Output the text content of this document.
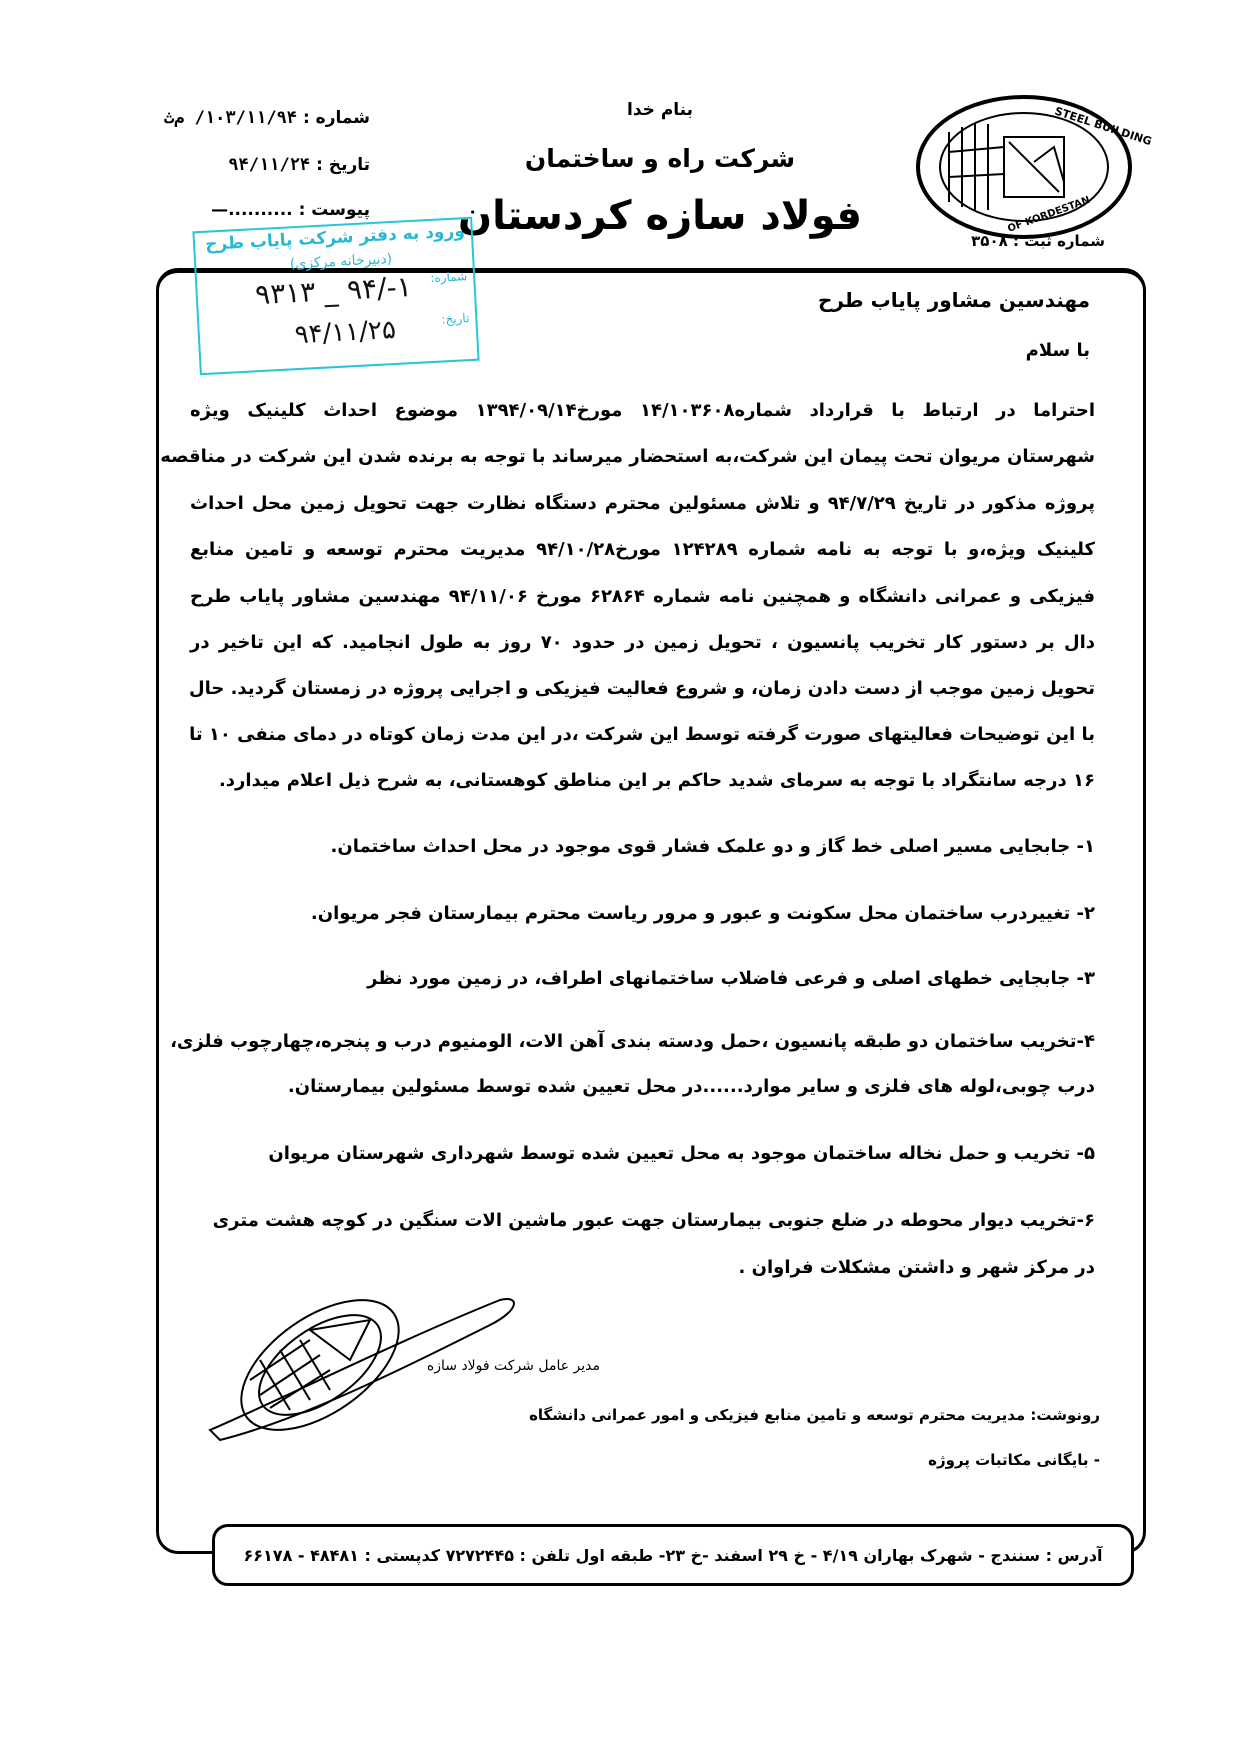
بنام خدا
شرکت راه و ساختمان
فولاد سازه کردستان
STEEL BUILDING
OF KORDESTAN
شماره ثبت : ۳۵۰۸
شماره : ۱۰۳/۱۱/۹۴/ م‌ث
تاریخ : ۹۴/۱۱/۲۴
پیوست : ..........—
ورود به دفتر شرکت پایاب طرح
(دبیرخانه مرکزی)
شماره:
۱-/۹۴ _ ۹۳۱۳
تاریخ:
۹۴/۱۱/۲۵
مهندسین مشاور پایاب طرح
با سلام
احتراما در ارتباط با قرارداد شماره۱۴/۱۰۳۶۰۸ مورخ۱۳۹۴/۰۹/۱۴ موضوع احداث کلینیک ویژه
شهرستان مریوان تحت پیمان این شرکت،به استحضار میرساند با توجه به برنده شدن این شرکت در مناقصه
پروژه مذکور در تاریخ ۹۴/۷/۲۹ و تلاش مسئولین محترم دستگاه نظارت جهت تحویل زمین محل احداث
کلینیک ویژه،و با توجه به نامه شماره ۱۲۴۲۸۹ مورخ۹۴/۱۰/۲۸ مدیریت محترم توسعه و تامین منابع
فیزیکی و عمرانی دانشگاه و همچنین نامه شماره ۶۲۸۶۴ مورخ ۹۴/۱۱/۰۶ مهندسین مشاور پایاب طرح
دال بر دستور کار تخریب پانسیون ، تحویل زمین در حدود ۷۰ روز به طول انجامید. که این تاخیر در
تحویل زمین موجب از دست دادن زمان، و شروع فعالیت فیزیکی و اجرایی پروژه در زمستان گردید. حال
با این توضیحات فعالیتهای صورت گرفته توسط این شرکت ،در این مدت زمان کوتاه در دمای منفی ۱۰ تا
۱۶ درجه سانتگراد با توجه به سرمای شدید حاکم بر این مناطق کوهستانی، به شرح ذیل اعلام میدارد.
۱- جابجایی مسیر اصلی خط گاز و دو علمک فشار قوی موجود در محل احداث ساختمان.
۲- تغییردرب ساختمان محل سکونت و عبور و مرور ریاست محترم بیمارستان فجر مریوان.
۳- جابجایی خطهای اصلی و فرعی فاضلاب ساختمانهای اطراف، در زمین مورد نظر
۴-تخریب ساختمان دو طبقه پانسیون ،حمل ودسته بندی آهن الات، الومنیوم درب و پنجره،چهارچوب فلزی،
درب چوبی،لوله های فلزی و سایر موارد......در محل تعیین شده توسط مسئولین بیمارستان.
۵- تخریب و حمل نخاله ساختمان موجود به محل تعیین شده توسط شهرداری شهرستان مریوان
۶-تخریب دیوار محوطه در ضلع جنوبی بیمارستان جهت عبور ماشین الات سنگین در کوچه هشت متری
در مرکز شهر و داشتن مشکلات فراوان .
مدیر عامل شرکت فولاد سازه
رونوشت: مدیریت محترم توسعه و تامین منابع فیزیکی و امور عمرانی دانشگاه
- بایگانی مکاتبات پروژه
آدرس : سنندج - شهرک بهاران ۴/۱۹ - خ ۲۹ اسفند -خ ۲۳- طبقه اول تلفن : ۷۲۷۲۴۴۵ کدپستی : ۴۸۴۸۱ - ۶۶۱۷۸
